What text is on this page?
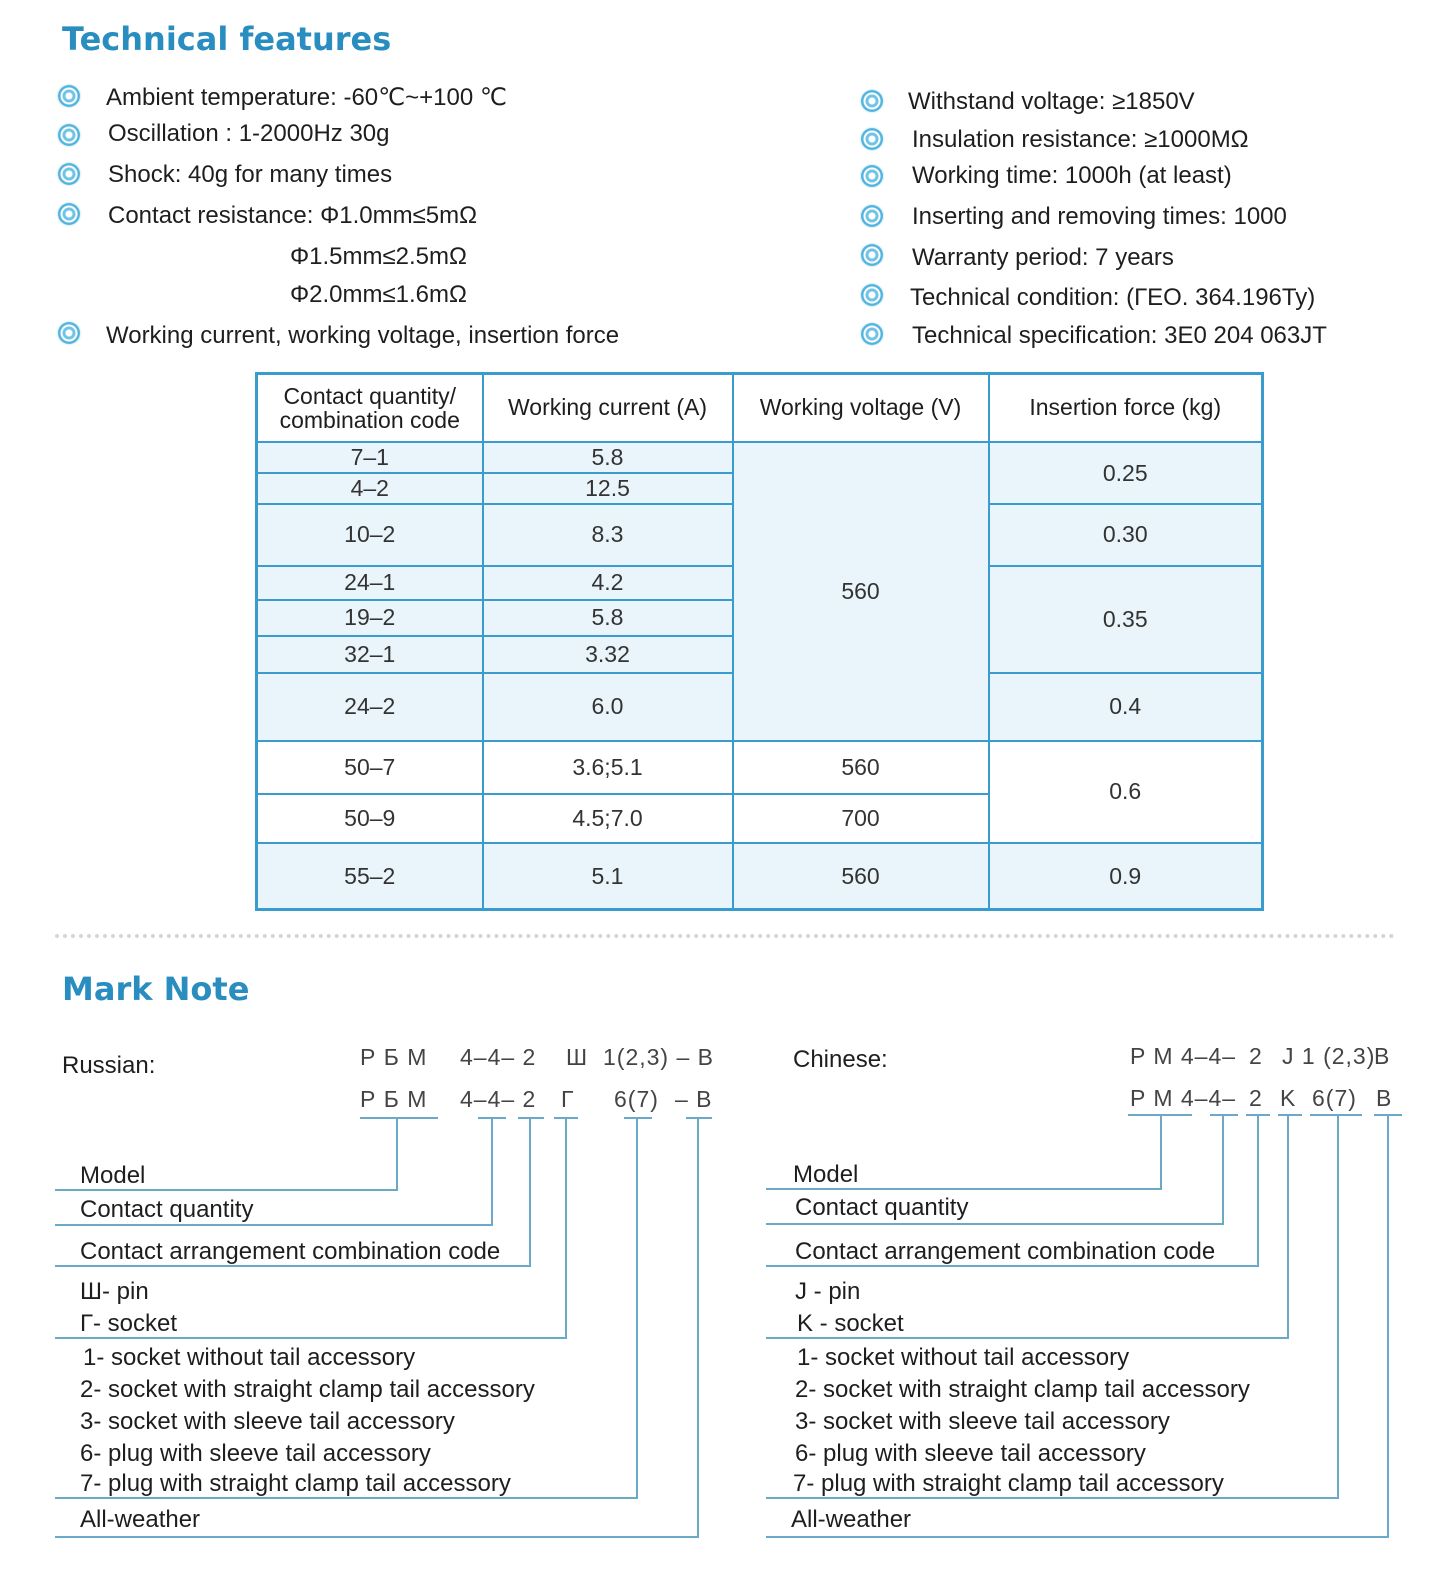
Technical features
Ambient temperature: -60℃~+100 ℃
Oscillation : 1-2000Hz 30g
Shock: 40g for many times
Contact resistance: Φ1.0mm≤5mΩ
Φ1.5mm≤2.5mΩ
Φ2.0mm≤1.6mΩ
Working current, working voltage, insertion force
Withstand voltage: ≥1850V
Insulation resistance: ≥1000MΩ
Working time: 1000h (at least)
Inserting and removing times: 1000
Warranty period: 7 years
Technical condition: (ГЕО. 364.196Ту)
Technical specification: 3E0 204 063JT
Contact quantity/
combination code	Working current (A)	Working voltage (V)	Insertion force (kg)
7–1	5.8	560	0.25
4–2	12.5		
10–2	8.3		0.30
24–1	4.2		0.35
19–2	5.8		
32–1	3.32		
24–2	6.0		0.4
50–7	3.6;5.1	560	0.6
50–9	4.5;7.0	700	
55–2	5.1	560	0.9
Mark Note
Russian:	Р Б М 4–4– 2 Ш 1(2,3) – В
Р Б М 4–4– 2 Г 6(7) – В
Model
Contact quantity
Contact arrangement combination code
Ш- pin
Г- socket
1- socket without tail accessory
2- socket with straight clamp tail accessory
3- socket with sleeve tail accessory
6- plug with sleeve tail accessory
7- plug with straight clamp tail accessory
All-weather
Chinese:	P M 4–4– 2 J 1 (2,3)
B
P M 4–4– 2 K 6(7) B
Model
Contact quantity
Contact arrangement combination code
J - pin
K - socket
1- socket without tail accessory
2- socket with straight clamp tail accessory
3- socket with sleeve tail accessory
6- plug with sleeve tail accessory
7- plug with straight clamp tail accessory
All-weather
